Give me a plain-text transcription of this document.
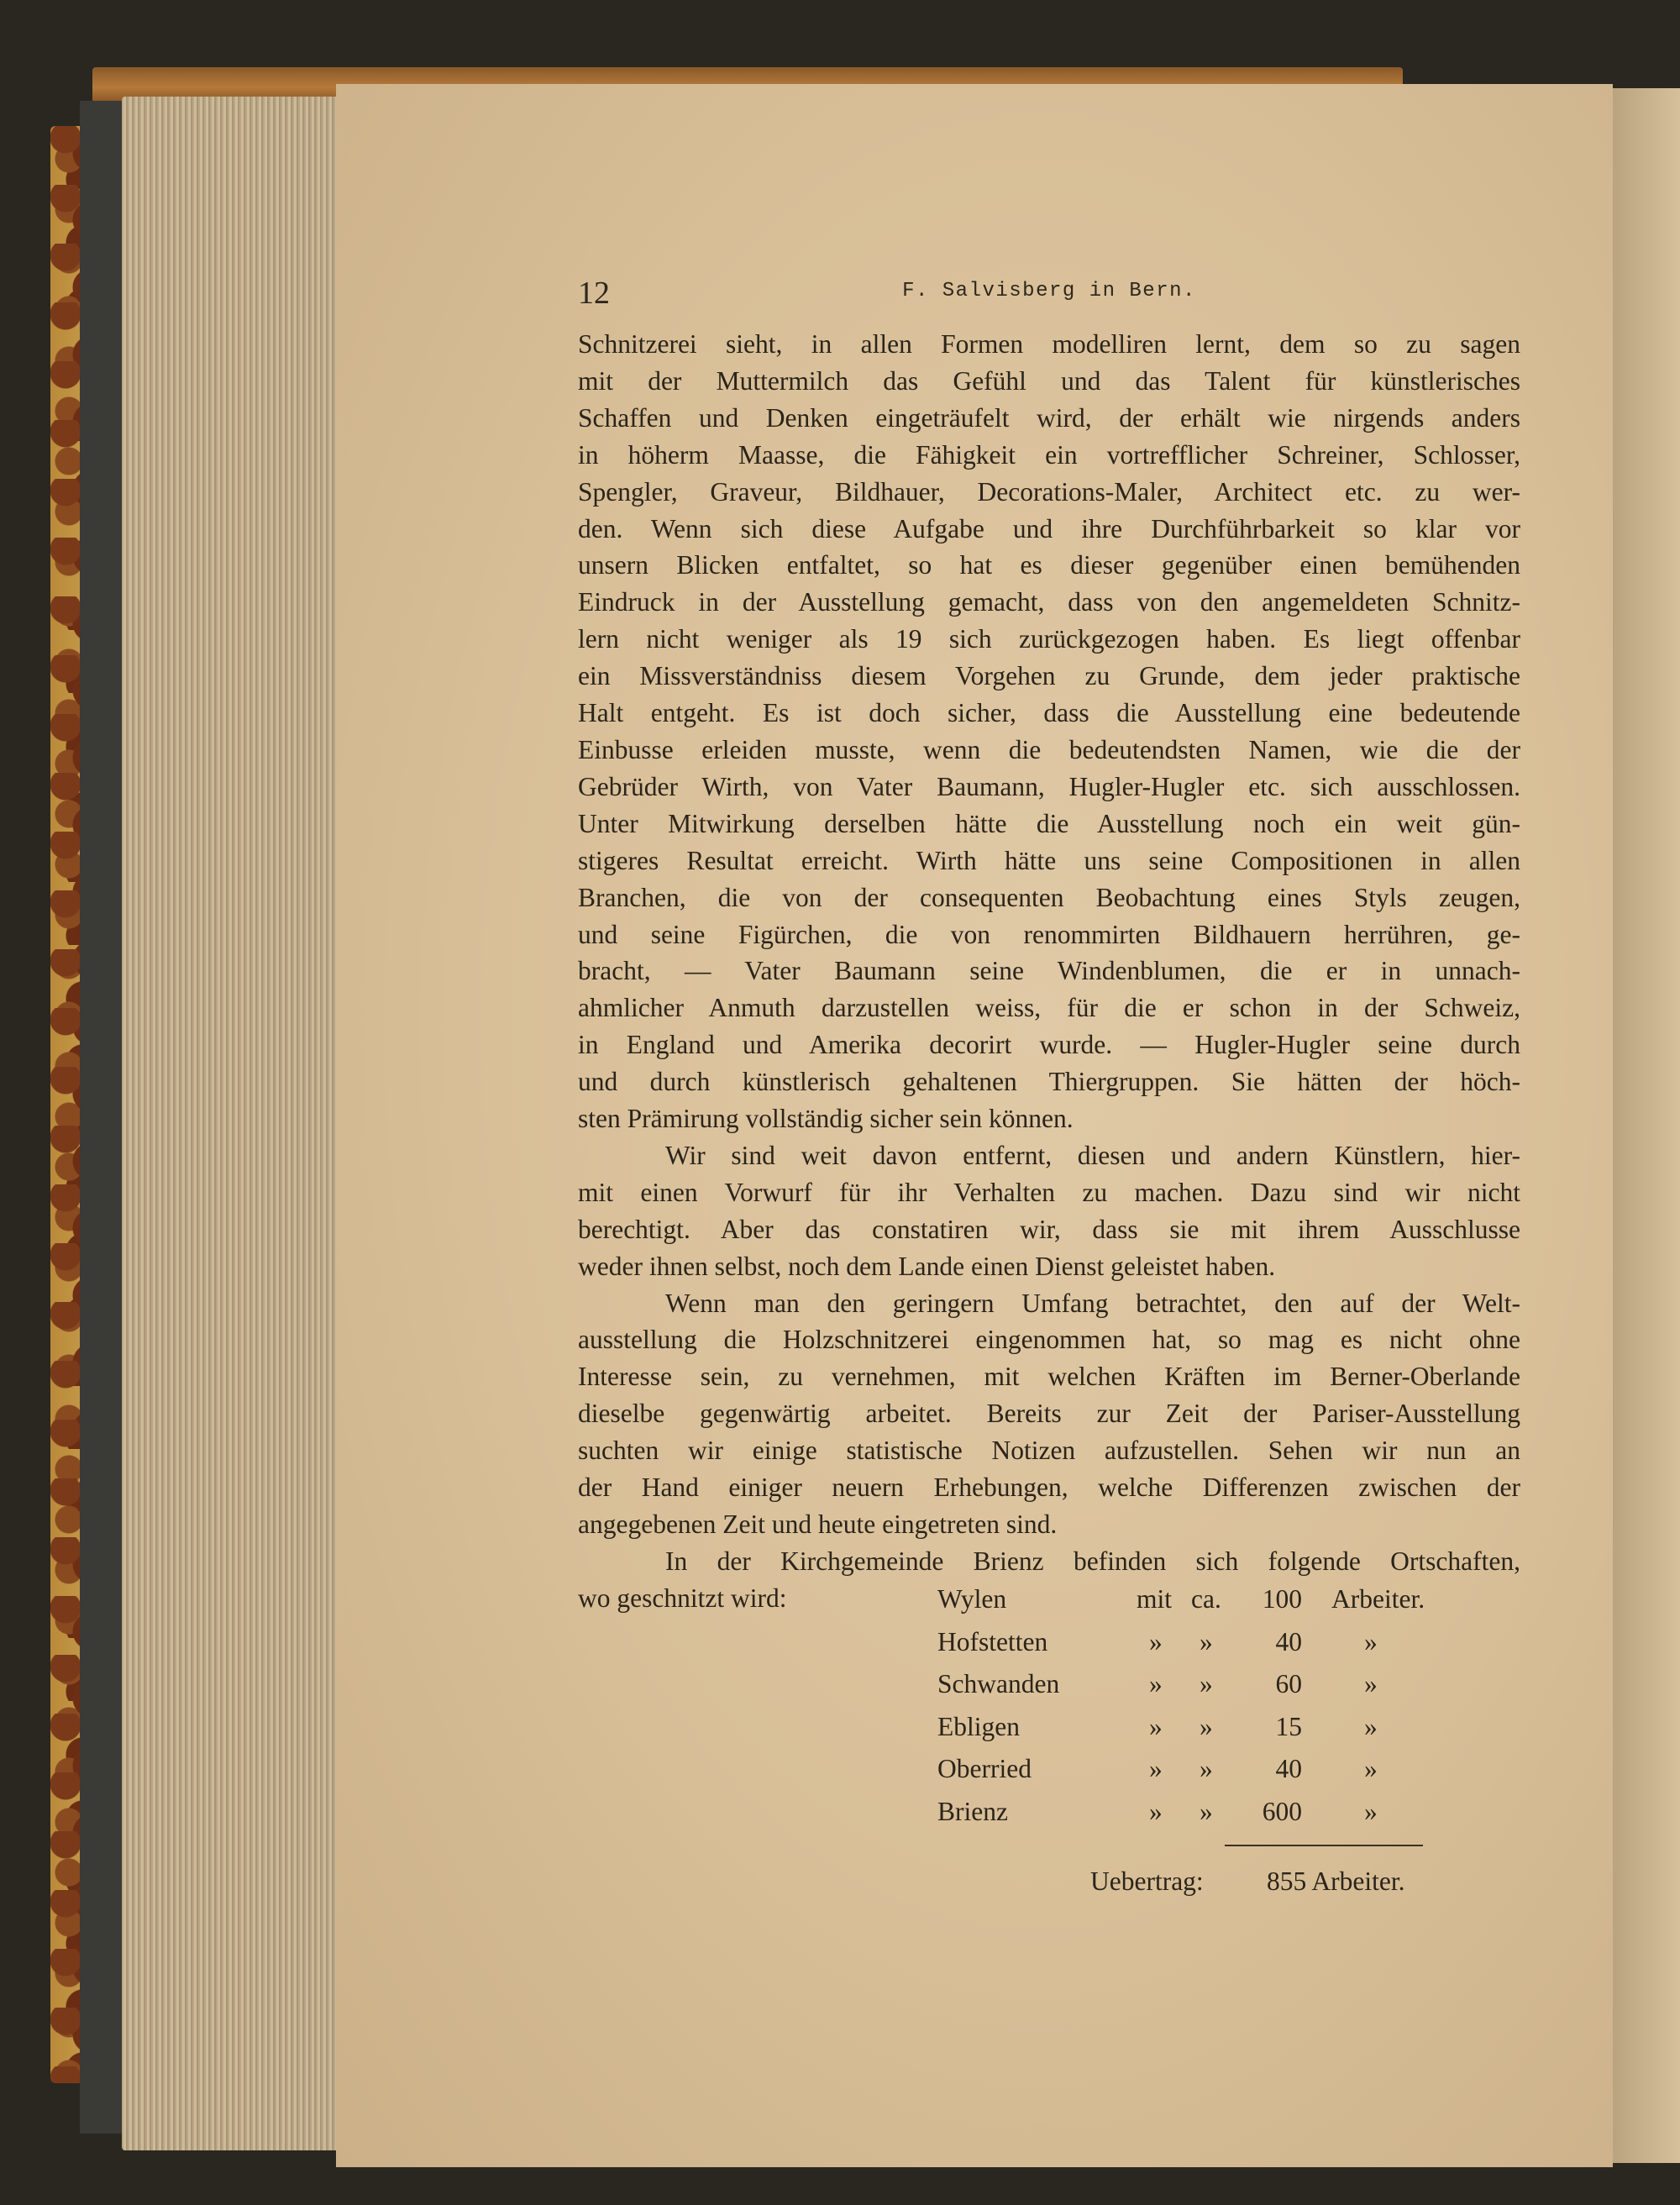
12	F. Salvisberg in Bern.

Schnitzerei sieht, in allen Formen modelliren lernt, dem so zu sagen

mit der Muttermilch das Gefühl und das Talent für künstlerisches

Schaffen und Denken eingeträufelt wird, der erhält wie nirgends anders

in höherm Maasse, die Fähigkeit ein vortrefflicher Schreiner, Schlosser,

Spengler, Graveur, Bildhauer, Decorations-Maler, Architect etc. zu wer-

den. Wenn sich diese Aufgabe und ihre Durchführbarkeit so klar vor

unsern Blicken entfaltet, so hat es dieser gegenüber einen bemühenden

Eindruck in der Ausstellung gemacht, dass von den angemeldeten Schnitz-

lern nicht weniger als 19 sich zurückgezogen haben. Es liegt offenbar

ein Missverständniss diesem Vorgehen zu Grunde, dem jeder praktische

Halt entgeht. Es ist doch sicher, dass die Ausstellung eine bedeutende

Einbusse erleiden musste, wenn die bedeutendsten Namen, wie die der

Gebrüder Wirth, von Vater Baumann, Hugler-Hugler etc. sich ausschlossen.

Unter Mitwirkung derselben hätte die Ausstellung noch ein weit gün-

stigeres Resultat erreicht. Wirth hätte uns seine Compositionen in allen

Branchen, die von der consequenten Beobachtung eines Styls zeugen,

und seine Figürchen, die von renommirten Bildhauern herrühren, ge-

bracht, — Vater Baumann seine Windenblumen, die er in unnach-

ahmlicher Anmuth darzustellen weiss, für die er schon in der Schweiz,

in England und Amerika decorirt wurde. — Hugler-Hugler seine durch

und durch künstlerisch gehaltenen Thiergruppen. Sie hätten der höch-

sten Prämirung vollständig sicher sein können.

Wir sind weit davon entfernt, diesen und andern Künstlern, hier-

mit einen Vorwurf für ihr Verhalten zu machen. Dazu sind wir nicht

berechtigt. Aber das constatiren wir, dass sie mit ihrem Ausschlusse

weder ihnen selbst, noch dem Lande einen Dienst geleistet haben.

Wenn man den geringern Umfang betrachtet, den auf der Welt-

ausstellung die Holzschnitzerei eingenommen hat, so mag es nicht ohne

Interesse sein, zu vernehmen, mit welchen Kräften im Berner-Oberlande

dieselbe gegenwärtig arbeitet. Bereits zur Zeit der Pariser-Ausstellung

suchten wir einige statistische Notizen aufzustellen. Sehen wir nun an

der Hand einiger neuern Erhebungen, welche Differenzen zwischen der

angegebenen Zeit und heute eingetreten sind.

In der Kirchgemeinde Brienz befinden sich folgende Ortschaften,

wo geschnitzt wird:	Wylen	mit ca.	100 Arbeiter.
Hofstetten	» »	40 »
Schwanden	» »	60 »
Ebligen	» »	15 »
Oberried	» »	40 »
Brienz	» »	600 »
Uebertrag: 855 Arbeiter.
